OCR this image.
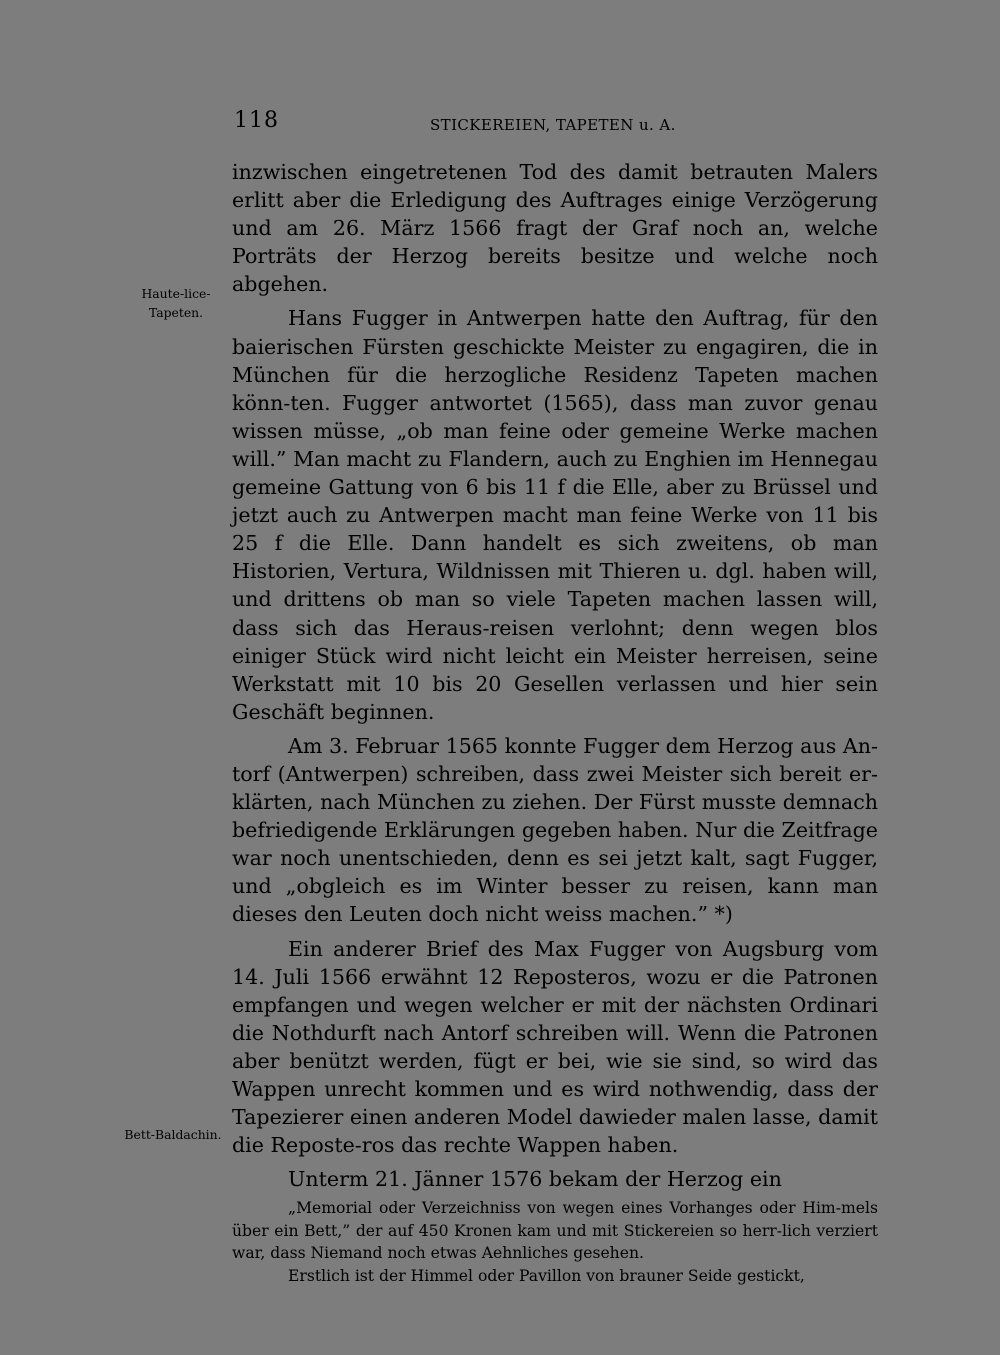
118	STICKEREIEN, TAPETEN u. A.
Haute-lice-
Tapeten.
Bett-Baldachin.

inzwischen eingetretenen Tod des damit betrauten Malers erlitt aber die Erledigung des Auftrages einige Verzögerung und am 26. März 1566 fragt der Graf noch an, welche Porträts der Herzog bereits besitze und welche noch abgehen.

Hans Fugger in Antwerpen hatte den Auftrag, für den baierischen Fürsten geschickte Meister zu engagiren, die in München für die herzogliche Residenz Tapeten machen könn-ten. Fugger antwortet (1565), dass man zuvor genau wissen müsse, „ob man feine oder gemeine Werke machen will.” Man macht zu Flandern, auch zu Enghien im Hennegau gemeine Gattung von 6 bis 11 f die Elle, aber zu Brüssel und jetzt auch zu Antwerpen macht man feine Werke von 11 bis 25 f die Elle. Dann handelt es sich zweitens, ob man Historien, Vertura, Wildnissen mit Thieren u. dgl. haben will, und drittens ob man so viele Tapeten machen lassen will, dass sich das Heraus-reisen verlohnt; denn wegen blos einiger Stück wird nicht leicht ein Meister herreisen, seine Werkstatt mit 10 bis 20 Gesellen verlassen und hier sein Geschäft beginnen.

Am 3. Februar 1565 konnte Fugger dem Herzog aus An-torf (Antwerpen) schreiben, dass zwei Meister sich bereit er-klärten, nach München zu ziehen. Der Fürst musste demnach befriedigende Erklärungen gegeben haben. Nur die Zeitfrage war noch unentschieden, denn es sei jetzt kalt, sagt Fugger, und „obgleich es im Winter besser zu reisen, kann man dieses den Leuten doch nicht weiss machen.” *)

Ein anderer Brief des Max Fugger von Augsburg vom 14. Juli 1566 erwähnt 12 Reposteros, wozu er die Patronen empfangen und wegen welcher er mit der nächsten Ordinari die Nothdurft nach Antorf schreiben will. Wenn die Patronen aber benützt werden, fügt er bei, wie sie sind, so wird das Wappen unrecht kommen und es wird nothwendig, dass der Tapezierer einen anderen Model dawieder malen lasse, damit die Reposte-ros das rechte Wappen haben.

Unterm 21. Jänner 1576 bekam der Herzog ein

„Memorial oder Verzeichniss von wegen eines Vorhanges oder Him-mels über ein Bett,” der auf 450 Kronen kam und mit Stickereien so herr-lich verziert war, dass Niemand noch etwas Aehnliches gesehen.

Erstlich ist der Himmel oder Pavillon von brauner Seide gestickt,
